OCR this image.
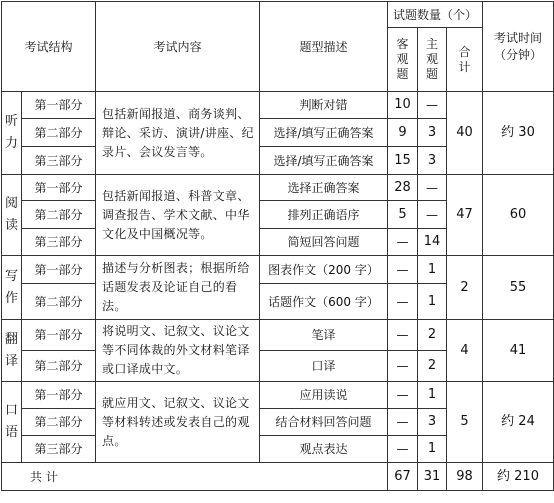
考试结构		考试内容	题型描述	试题数量（个）			考试时间（分钟）
				客观题	主观题	合计	
听力	第一部分	包括新闻报道、商务谈判、辩论、采访、演讲/讲座、纪录片、会议发言等。	判断对错	10	—	40	约 30
	第二部分		选择/填写正确答案	9	3		
	第三部分		选择/填写正确答案	15	3		
阅读	第一部分	包括新闻报道、科普文章、调查报告、学术文献、中华文化及中国概况等。	选择正确答案	28	—	47	60
	第二部分		排列正确语序	5	—		
	第三部分		简短回答问题	—	14		
写作	第一部分	描述与分析图表；根据所给话题发表及论证自己的看法。	图表作文（200 字）	—	1	2	55
	第二部分		话题作文（600 字）	—	1		
翻译	第一部分	将说明文、记叙文、议论文等不同体裁的外文材料笔译或口译成中文。	笔译	—	2	4	41
	第二部分		口译	—	2		
口语	第一部分	就应用文、记叙文、议论文等材料转述或发表自己的观点。	应用读说	—	1	5	约 24
	第二部分		结合材料回答问题	—	3		
	第三部分		观点表达	—	1		
共 计				67	31	98	约 210
